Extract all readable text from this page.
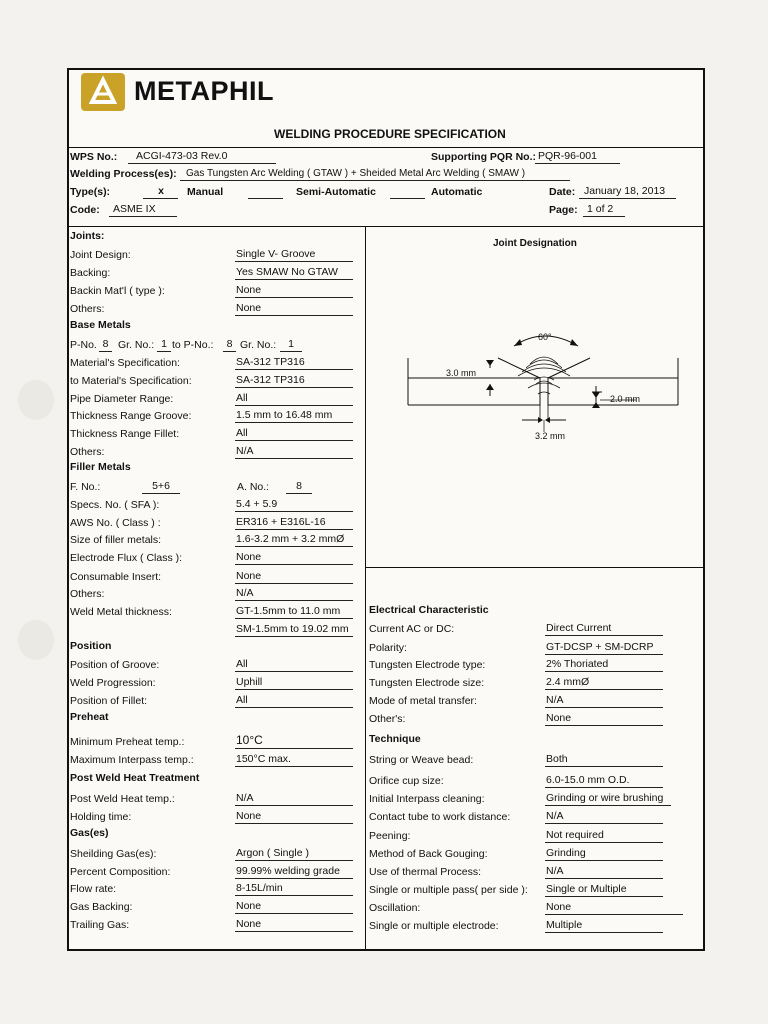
METAPHIL
WELDING PROCEDURE SPECIFICATION
WPS No.:	ACGI-473-03 Rev.0	Supporting PQR No.: PQR-96-001
Welding Process(es): Gas Tungsten Arc Welding ( GTAW ) + Sheided Metal Arc Welding ( SMAW )
Type(s):	x	Manual	Semi-Automatic	Automatic	Date: January 18, 2013
Code:	ASME IX	Page: 1 of 2
Joints:
Joint Design:	Single V- Groove
Backing:	Yes SMAW No GTAW
Backin Mat'l ( type ):	None
Others:	None
Base Metals
P-No. 8 Gr. No.: 1 to P-No.:	8 Gr. No.:	1
Material's Specification:	SA-312 TP316
to Material's Specification:	SA-312 TP316
Pipe Diameter Range:	All
Thickness Range Groove:	1.5 mm to 16.48 mm
Thickness Range Fillet:	All
Others:	N/A
Filler Metals
F. No.:	5+6	A. No.:	8
Specs. No. ( SFA ):	5.4 + 5.9
AWS No. ( Class ) :	ER316 + E316L-16
Size of filler metals:	1.6-3.2 mm + 3.2 mmØ
Electrode Flux ( Class ):	None
Consumable Insert:	None
Others:	N/A
Weld Metal thickness:	GT-1.5mm to 11.0 mm
SM-1.5mm to 19.02 mm
Position
Position of Groove:	All
Weld Progression:	Uphill
Position of Fillet:	All
Preheat
Minimum Preheat temp.:	10°C
Maximum Interpass temp.:	150°C max.
Post Weld Heat Treatment
Post Weld Heat temp.:	N/A
Holding time:	None
Gas(es)
Sheilding Gas(es):	Argon ( Single )
Percent Composition:	99.99% welding grade
Flow rate:	8-15L/min
Gas Backing:	None
Trailing Gas:	None
Joint Designation
60°
3.0 mm
2.0 mm
3.2 mm
Electrical Characteristic
Current AC or DC:	Direct Current
Polarity:	GT-DCSP + SM-DCRP
Tungsten Electrode type:	2% Thoriated
Tungsten Electrode size:	2.4 mmØ
Mode of metal transfer:	N/A
Other's:	None
Technique
String or Weave bead:	Both
Orifice cup size:	6.0-15.0 mm O.D.
Initial Interpass cleaning:	Grinding or wire brushing
Contact tube to work distance:	N/A
Peening:	Not required
Method of Back Gouging:	Grinding
Use of thermal Process:	N/A
Single or multiple pass( per side ): Single or Multiple
Oscillation:	None
Single or multiple electrode:	Multiple
